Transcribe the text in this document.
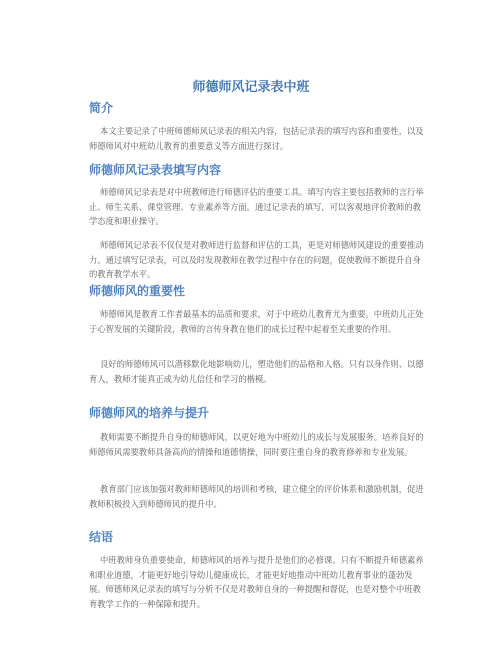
师德师风记录表中班
简介
本文主要记录了中班师德师风记录表的相关内容，包括记录表的填写内容和重要性，以及师德师风对中班幼儿教育的重要意义等方面进行探讨。
师德师风记录表填写内容
师德师风记录表是对中班教师进行师德评估的重要工具。填写内容主要包括教师的言行举止、师生关系、课堂管理、专业素养等方面。通过记录表的填写，可以客观地评价教师的教学态度和职业操守。
师德师风记录表不仅仅是对教师进行监督和评估的工具，更是对师德师风建设的重要推动力。通过填写记录表，可以及时发现教师在教学过程中存在的问题，促使教师不断提升自身的教育教学水平。
师德师风的重要性
师德师风是教育工作者最基本的品质和要求，对于中班幼儿教育尤为重要。中班幼儿正处于心智发展的关键阶段，教师的言传身教在他们的成长过程中起着至关重要的作用。
良好的师德师风可以潜移默化地影响幼儿，塑造他们的品格和人格。只有以身作则、以德育人，教师才能真正成为幼儿信任和学习的楷模。
师德师风的培养与提升
教师需要不断提升自身的师德师风，以更好地为中班幼儿的成长与发展服务。培养良好的师德师风需要教师具备高尚的情操和道德情操，同时要注重自身的教育修养和专业发展。
教育部门应该加强对教师师德师风的培训和考核，建立健全的评价体系和激励机制，促进教师积极投入到师德师风的提升中。
结语
中班教师身负重要使命，师德师风的培养与提升是他们的必修课。只有不断提升师德素养和职业道德，才能更好地引导幼儿健康成长，才能更好地推动中班幼儿教育事业的蓬勃发展。师德师风记录表的填写与分析不仅是对教师自身的一种提醒和督促，也是对整个中班教育教学工作的一种保障和提升。
